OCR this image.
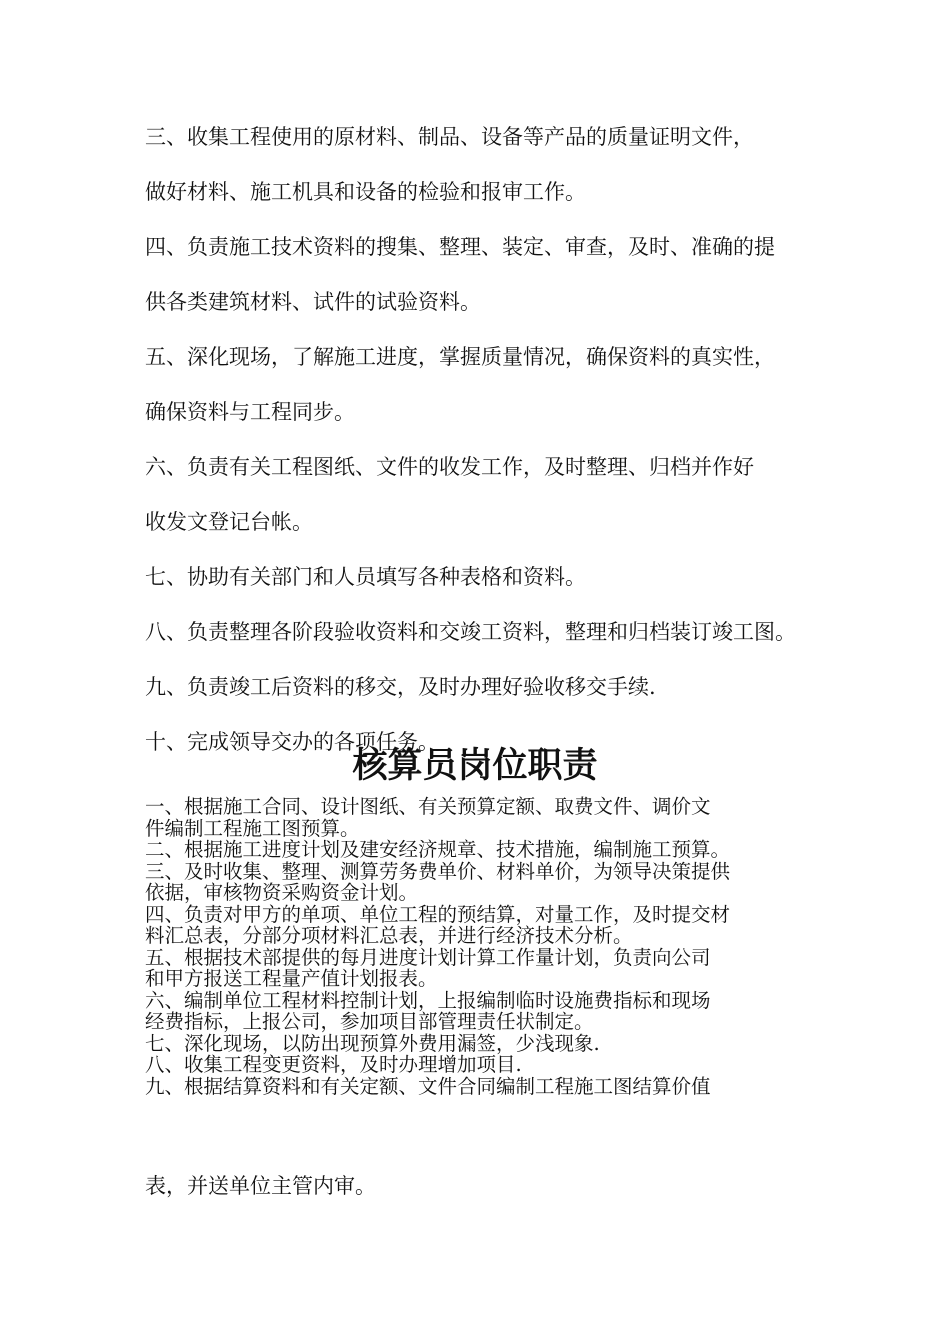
三、收集工程使用的原材料、制品、设备等产品的质量证明文件，
做好材料、施工机具和设备的检验和报审工作。
四、负责施工技术资料的搜集、整理、装定、审查，及时、准确的提
供各类建筑材料、试件的试验资料。
五、深化现场，了解施工进度，掌握质量情况，确保资料的真实性，
确保资料与工程同步。
六、负责有关工程图纸、文件的收发工作，及时整理、归档并作好
收发文登记台帐。
七、协助有关部门和人员填写各种表格和资料。
八、负责整理各阶段验收资料和交竣工资料，整理和归档装订竣工图。
九、负责竣工后资料的移交，及时办理好验收移交手续.
十、完成领导交办的各项任务。
核算员岗位职责
一、根据施工合同、设计图纸、有关预算定额、取费文件、调价文
件编制工程施工图预算。
二、根据施工进度计划及建安经济规章、技术措施，编制施工预算。
三、及时收集、整理、测算劳务费单价、材料单价，为领导决策提供
依据，审核物资采购资金计划。
四、负责对甲方的单项、单位工程的预结算，对量工作，及时提交材
料汇总表，分部分项材料汇总表，并进行经济技术分析。
五、根据技术部提供的每月进度计划计算工作量计划，负责向公司
和甲方报送工程量产值计划报表。
六、编制单位工程材料控制计划，上报编制临时设施费指标和现场
经费指标，上报公司，参加项目部管理责任状制定。
七、深化现场，以防出现预算外费用漏签，少浅现象.
八、收集工程变更资料，及时办理增加项目.
九、根据结算资料和有关定额、文件合同编制工程施工图结算价值

表，并送单位主管内审。
